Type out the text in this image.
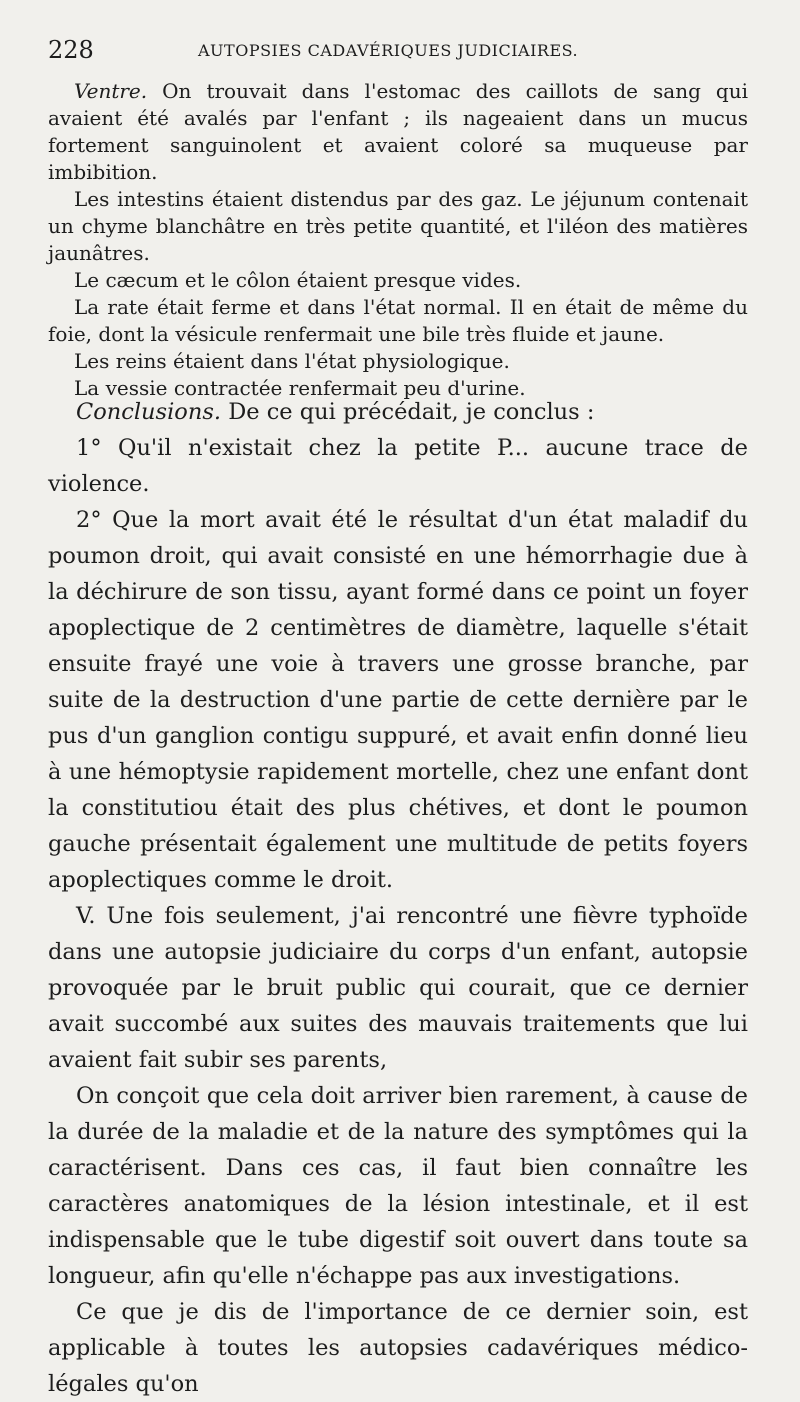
228	AUTOPSIES CADAVÉRIQUES JUDICIAIRES.

Ventre. On trouvait dans l'estomac des caillots de sang qui avaient été avalés par l'enfant ; ils nageaient dans un mucus fortement sanguinolent et avaient coloré sa muqueuse par imbibition.

Les intestins étaient distendus par des gaz. Le jéjunum contenait un chyme blanchâtre en très petite quantité, et l'iléon des matières jaunâtres.

Le cæcum et le côlon étaient presque vides.

La rate était ferme et dans l'état normal. Il en était de même du foie, dont la vésicule renfermait une bile très fluide et jaune.

Les reins étaient dans l'état physiologique.

La vessie contractée renfermait peu d'urine.

Conclusions. De ce qui précédait, je conclus :

1° Qu'il n'existait chez la petite P... aucune trace de violence.

2° Que la mort avait été le résultat d'un état maladif du poumon droit, qui avait consisté en une hémorrhagie due à la déchirure de son tissu, ayant formé dans ce point un foyer apoplectique de 2 centimètres de diamètre, laquelle s'était ensuite frayé une voie à travers une grosse branche, par suite de la destruction d'une partie de cette dernière par le pus d'un ganglion contigu suppuré, et avait enfin donné lieu à une hémoptysie rapidement mortelle, chez une enfant dont la constitutiou était des plus chétives, et dont le poumon gauche présentait également une multitude de petits foyers apoplectiques comme le droit.

V. Une fois seulement, j'ai rencontré une fièvre typhoïde dans une autopsie judiciaire du corps d'un enfant, autopsie provoquée par le bruit public qui courait, que ce dernier avait succombé aux suites des mauvais traitements que lui avaient fait subir ses parents,

On conçoit que cela doit arriver bien rarement, à cause de la durée de la maladie et de la nature des symptômes qui la caractérisent. Dans ces cas, il faut bien connaître les caractères anatomiques de la lésion intestinale, et il est indispensable que le tube digestif soit ouvert dans toute sa longueur, afin qu'elle n'échappe pas aux investigations.

Ce que je dis de l'importance de ce dernier soin, est applicable à toutes les autopsies cadavériques médico-légales qu'on
